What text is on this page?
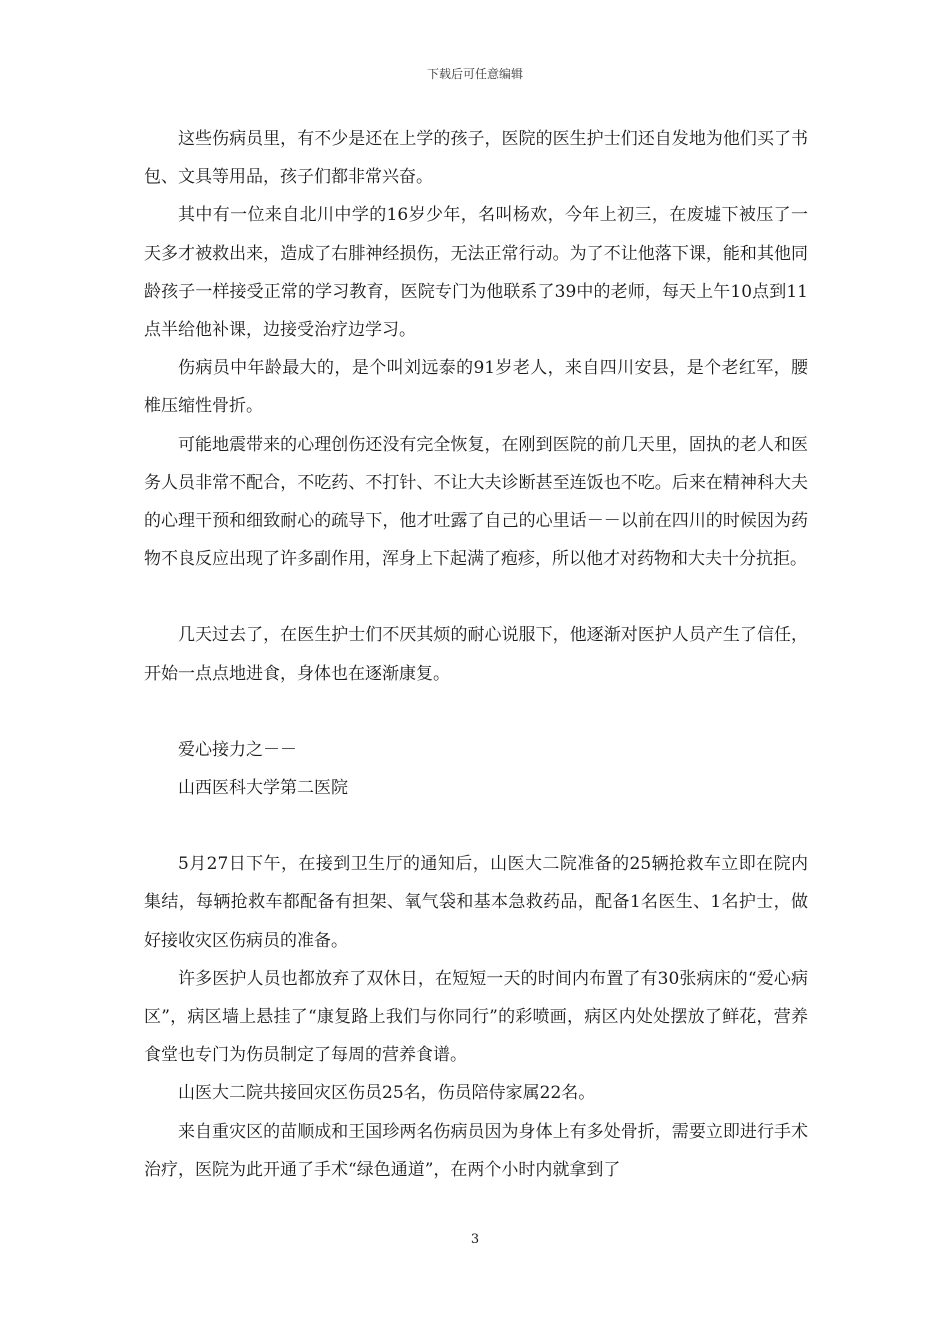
下载后可任意编辑

这些伤病员里，有不少是还在上学的孩子，医院的医生护士们还自发地为他们买了书包、文具等用品，孩子们都非常兴奋。

其中有一位来自北川中学的16岁少年，名叫杨欢，今年上初三，在废墟下被压了一天多才被救出来，造成了右腓神经损伤，无法正常行动。为了不让他落下课，能和其他同龄孩子一样接受正常的学习教育，医院专门为他联系了39中的老师，每天上午10点到11点半给他补课，边接受治疗边学习。

伤病员中年龄最大的，是个叫刘远泰的91岁老人，来自四川安县，是个老红军，腰椎压缩性骨折。

可能地震带来的心理创伤还没有完全恢复，在刚到医院的前几天里，固执的老人和医务人员非常不配合，不吃药、不打针、不让大夫诊断甚至连饭也不吃。后来在精神科大夫的心理干预和细致耐心的疏导下，他才吐露了自己的心里话－－以前在四川的时候因为药物不良反应出现了许多副作用，浑身上下起满了疱疹，所以他才对药物和大夫十分抗拒。

几天过去了，在医生护士们不厌其烦的耐心说服下，他逐渐对医护人员产生了信任，开始一点点地进食，身体也在逐渐康复。

爱心接力之－－

山西医科大学第二医院

5月27日下午，在接到卫生厅的通知后，山医大二院准备的25辆抢救车立即在院内集结，每辆抢救车都配备有担架、氧气袋和基本急救药品，配备1名医生、1名护士，做好接收灾区伤病员的准备。

许多医护人员也都放弃了双休日，在短短一天的时间内布置了有30张病床的“爱心病区”，病区墙上悬挂了“康复路上我们与你同行”的彩喷画，病区内处处摆放了鲜花，营养食堂也专门为伤员制定了每周的营养食谱。

山医大二院共接回灾区伤员25名，伤员陪侍家属22名。

来自重灾区的苗顺成和王国珍两名伤病员因为身体上有多处骨折，需要立即进行手术治疗，医院为此开通了手术“绿色通道”，在两个小时内就拿到了

3
